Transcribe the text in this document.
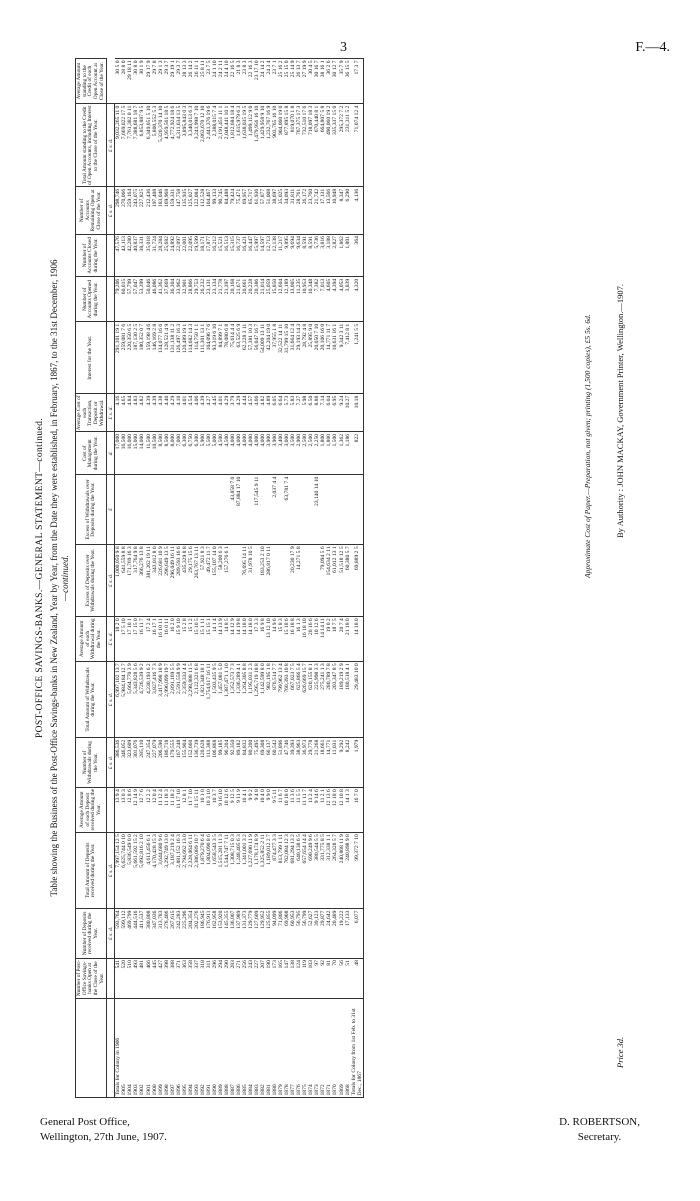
3	F.—4.
POST-OFFICE SAVINGS-BANKS.—GENERAL STATEMENT—continued. Table showing the Business of the Post-Office Savings-banks in New Zealand, Year by Year, from the Date they were established, in February, 1867, to the 31st December, 1906 —continued.
	Number of Post-Office Savings-banks Open at the Close of the Year.	Number of Deposits received during the Year.	Total Amount of Deposits received during the Year.	Average Amount of each Deposit received during the Year.	Number of Withdrawals during the Year.	Total Amount of Withdrawals during the Year.	Average Amount of each Withdrawal during the Year.	Excess of Deposits over Withdrawals during the Year.	Excess of Withdrawals over Deposits during the Year.	Cost of Management during the Year.	Average Cost of each Transaction, Deposit or Withdrawal.	Interest for the Year.	Number of Accounts Opened during the Year.	Number of Accounts Closed during the Year.	Number of Accounts Remaining Open at Close of the Year.	Total Amount standing to the Credit of Open Accounts, including Interest to the Close of the Year.	Average Amount standing to the Credit of each Open Account at Close of the Year.
		£ s. d.	£ s. d.		£ s. d.	£ s. d.	£ s. d.	£ s. d.	£	d.	£ s. d.				£ s. d.	£ s. d.	
Totals for Colony in 1906	541	593,764	7,997,154 12 5	13 9 4	386,536	6,997,102 13 7	18 2 0	1,000,050 9 8		17,000	4.16	291,101 19 1	79,206	47,576	298,746	9,032,265 11 0	30 5 0
1905	520	599,112	6,625,744 0 10	13 0 3	346,052	5,984,184 12 7	17 5 10	641,559 8 8		16,500	4.65	259,081 7 6	60,015	43,113	270,066	7,669,022 17 5	28 8 0
1904	510	469,799	5,836,549 0 0	12 8 6	323,609	5,664,770 3 9	17 10 1	171,769 16 3		16,000	4.84	220,350 6 5	57,799	42,280	259,164	7,761,382 0 11	29 18 11
1903	493	444,516	5,661,592 15 2	12 14 9	301,076	5,343,828 5 6	17 15 0	317,764 9 8		15,000	4.83	187,130 2 5	57,047	40,837	243,075	7,388,681 18 7	30 8 0
1902	481	411,537	5,092,816 2 10	12 7 6	285,110	4,726,539 9 2	16 11 7	366,276 13 8		14,000	4.82	180,352 0 7	53,399	38,331	227,825	6,853,887 9 5	30 1 9
1901	466	380,808	4,611,456 6 1	12 2 2	247,354	4,230,193 6 2	17 2 4	381,262 19 11		11,500	4.39	159,198 4 6	50,046	35,018	212,436	6,349,051 5 10	29 17 9
1900	445	347,036	4,170,428 15 3	12 0 4	227,079	3,827,416 7 3	16 17 1	343,012 8 0		10,500	4.39	146,169 2 8	46,086	31,724	197,408	5,800,552 5 3	29 7 8
1899	427	313,783	3,644,680 9 6	11 12 4	206,590	3,417,998 18 9	16 10 11	226,681 10 9		8,500	4.38	134,077 16 6	41,362	28,284	183,046	5,320,370 14 10	29 1 3
1898	398	276,406	3,292,749 13 0	11 18 3	186,718	2,996,099 19 7	16 0 11	296,649 13 5		8,500	4.40	128,521 4 9	37,669	25,682	169,968	4,959,561 18 5	29 3 7
1897	388	267,615	3,187,219 2 4	11 18 2	179,555	2,891,169 5 5	16 2 0	296,049 16 11		8,000	4.29	131,138 11 2	36,304	24,892	159,331	4,772,924 18 6	29 19 1
1896	371	242,283	2,881,152 16 3	11 17 10	167,248	2,591,558 9 9	15 9 10	289,593 16 6		7,000	4.10	126,497 16 3	33,962	22,097	147,758	4,311,634 13 5	29 3 7
1895	363	225,296	2,794,662 13 0	12 8 1	155,904	2,359,333 4 4	15 2 8	435,329 8 8		6,300	4.01	120,489 19 1	32,901	22,001	135,935	3,895,843 0 3	28 13 3
1894	358	204,354	2,328,064 6 11	11 7 10	152,660	2,298,888 11 5	15 1 2	29,175 15 6		6,750	4.54	114,682 14 3	28,866	22,095	125,027	3,340,013 6 3	26 14 2
1893	337	202,276	2,386,089 10 7	11 15 11	136,739	2,122,321 6 8	15 10 5	263,767 13 11		6,300	4.06	114,750 1 1	29,753	19,599	122,084	3,241,998 7 10	26 11 1
1892	318	186,945	1,879,270 6 4	10 1 0	120,628	1,821,348 18 1	15 1 11	57,921 8 3		5,900	4.39	111,301 13 1	26,232	18,171	112,528	2,863,670 12 10	25 8 11
1891	311	176,911	1,804,090 8 6	10 3 10	111,388	1,754,617 16 11	15 15 1	49,472 11 7		5,500	4.27	104,096 7 6	23,131	17,877	104,467	2,441,376 19 6	23 7 5
1890	296	162,958	1,658,543 3 5	10 3 7	106,868	1,503,435 9 5	14 1 4	155,107 14 0		5,000	4.45	93,319 6 10	23,134	16,212	99,133	2,388,015 7 4	24 1 10
1889	294	153,920	1,515,281 11 3	9 16 10	99,185	1,457,081 5 0	14 13 9	58,200 6 3		4,500	4.01	84,899 7 1	21,778	15,521	90,745	2,191,451 11 1	24 2 11
1888	290	145,355	1,544,747 7 11	10 12 6	96,204	1,387,471 1 10	14 8 5	157,276 6 1		4,500	4.29	78,080 6 8	21,397	16,513	84,488	2,048,441 10 1	24 4 10
1887	283	136,007	1,308,715 0 3	9 12 5	92,350	1,352,573 7 3	14 12 9		43,858 7 0	4,000	3.79	75,614 4 4	20,168	15,315	79,424	1,812,684 18 4	22 16 5
1886	271	137,989	1,248,405 6 3	9 11 9	89,182	1,336,289 4 1	14 19 8		87,884 17 10	4,000	4.29	63,525 6 9	21,671	16,737	75,471	1,615,979 6 3	21 8 3
1885	256	131,373	1,341,001 3 2	10 4 1	84,832	1,264,305 8 8	14 18 0	76,695 14 11		4,000	4.44	62,228 3 11	20,661	16,421	69,957	1,638,035 19 5	23 8 3
1884	243	129,779	1,227,690 11 9	9 9 2	80,200	1,195,031 2 3	14 18 0	31,978 10 5		4,000	4.57	57,381 10 3	20,228	16,447	65,717	1,499,112 9 0	22 16 3
1883	227	127,609	1,178,174 8 9	9 4 8	75,495	1,295,719 18 8	17 3 3		117,545 9 11	4,000	4.66	56,047 16 7	20,386	15,997	61,936	1,479,956 16 10	23 17 10
1882	207	129,952	1,325,852 2 11	10 4 0	69,308	1,142,599 8 0	16 9 8	183,253 2 10		4,000	4.82	54,009 13 11	21,014	14,597	57,877	1,429,958 9 10	24 14 2
1881	190	125,855	1,189,012 2 7	9 9 0	66,137	902,195 1 8	13 12 10	286,817 0 11		3,900	4.89	42,204 19 0	25,059	12,713	51,008	1,232,767 16 9	24 3 4
1880	173	94,099	874,477 3 3	9 5 11	60,542	876,514 7 7	14 9 6		2,037 4 4	3,900	6.05	37,955 1 8	15,850	12,138	38,697	903,765 16 10	23 7 1
1879	165	71,806	813,799 1 11	11 6 7	51,896	799,962 13 4	15 8 3			3,400	6.64	32,522 14 11	12,604	11,217	35,025	904,060 19 0	25 16 2
1878	147	69,908	762,084 12 3	10 18 0	47,746	760,393 10 8	15 18 6		63,781 7 4	3,000	5.73	31,799 15 10	12,189	9,895	34,093	877,895 15 8	25 15 0
1877	138	60,953	681,294 13 2	11 3 6	39,393	667,023 7 5	16 18 8	20,230 17 9		3,500	5.83	31,664 12 4	13,005	9,694	31,811	819,070 1 8	25 14 9
1876	124	56,795	640,138 6 5	11 5 5	38,963	625,866 5 4	16 1 3	14,271 5 8		2,900	7.27	29,193 14 3	11,235	9,634	28,761	767,375 17 3	26 13 7
1875	119	56,799	657,654 14 4	11 11 7	36,973	626,669 15 7	16 18 10			2,500	5.98	28,792 4 8	10,953	8,591	26,172	732,510 17 6	27 19 9
1874	103	52,627	690,249 9 6	13 2 4	29,778	620,155 8 1	20 16 6			2,500	6.50	25,895 9 0	10,348	8,591	23,760	718,097 18 3	30 4 5
1873	97	39,123	380,544 5 5	9 14 6	21,268	225,998 3 3	10 12 6		23,140 14 10	2,250	8.88	20,050 7 10	7,382	5,736	21,742	670,440 8 1	30 16 7
1872	92	29,877	331,775 8 5	11 2 1	18,661	275,241 1 3	14 14 11	79,094 5 6		1,800	7.14	20,106 16 0	7,013	3,816	17,131	664,807 5 8	38 16 1
1871	81	24,642	312,338 1 1	12 13 6	14,771	280,789 7 8	19 0 2	154,634 2 11		1,800	6.04	14,771 11 7	4,605	3,188	13,566	490,060 19 2	36 2 6
1870	70	20,489	264,328 5 7	12 18 0	11,031	203,347 8 5	18 7 5	61,012 13 1		1,500	6.95	10,631 16 1	4,394	2,827	10,948	335,337 15 0	30 12 7
1869	56	19,222	240,868 11 9	12 10 8	9,292	189,219 2 9	20 7 4	51,518 12 5		1,362	9.24	9,342 3 11	4,053	1,862	8,347	295,372 7 2	35 7 9
1868	51	17,133	240,898 9 8	14 1 3	8,242	180,518 4 1	21 18 0	60,380 5 7		1,186	10.27	7,412 8 1	3,839	1,801	6,290	231,311 5 2	36 15 5
Totals for Colony from 1st Feb. to 31st Dec., 1867	48	6,077	99,372 7 10	16 7 0	1,979	29,483 10 0	14 18 0	69,889 2 5		822	10.18	1,241 5 5	4,320	364	4,136	71,074 12 4	17 3 7
Approximate Cost of Paper.—Preparation, not given; printing (1,500 copies), £5 5s. 6d.
Price 3d.
By Authority : JOHN MACKAY, Government Printer, Wellington.—1907.
General Post Office,
Wellington, 27th June, 1907.
D. ROBERTSON,
Secretary.
